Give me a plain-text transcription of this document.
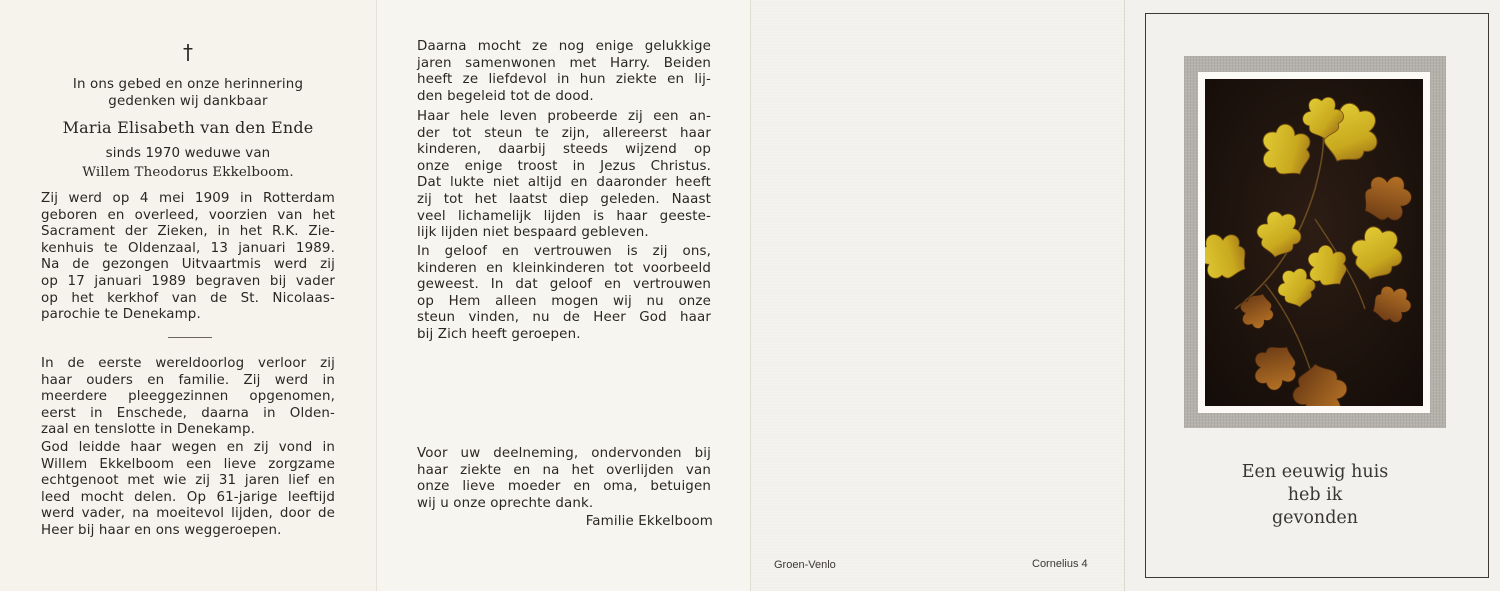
†
In ons gebed en onze herinnering
gedenken wij dankbaar
Maria Elisabeth van den Ende
sinds 1970 weduwe van
Willem Theodorus Ekkelboom.
Zij werd op 4 mei 1909 in Rotterdam
geboren en overleed, voorzien van het
Sacrament der Zieken, in het R.K. Zie-
kenhuis te Oldenzaal, 13 januari 1989.
Na de gezongen Uitvaartmis werd zij
op 17 januari 1989 begraven bij vader
op het kerkhof van de St. Nicolaas-
parochie te Denekamp.
In de eerste wereldoorlog verloor zij
haar ouders en familie. Zij werd in
meerdere pleeggezinnen opgenomen,
eerst in Enschede, daarna in Olden-
zaal en tenslotte in Denekamp.
God leidde haar wegen en zij vond in
Willem Ekkelboom een lieve zorgzame
echtgenoot met wie zij 31 jaren lief en
leed mocht delen. Op 61-jarige leeftijd
werd vader, na moeitevol lijden, door de
Heer bij haar en ons weggeroepen.
Daarna mocht ze nog enige gelukkige
jaren samenwonen met Harry. Beiden
heeft ze liefdevol in hun ziekte en lij-
den begeleid tot de dood.
Haar hele leven probeerde zij een an-
der tot steun te zijn, allereerst haar
kinderen, daarbij steeds wijzend op
onze enige troost in Jezus Christus.
Dat lukte niet altijd en daaronder heeft
zij tot het laatst diep geleden. Naast
veel lichamelijk lijden is haar geeste-
lijk lijden niet bespaard gebleven.
In geloof en vertrouwen is zij ons,
kinderen en kleinkinderen tot voorbeeld
geweest. In dat geloof en vertrouwen
op Hem alleen mogen wij nu onze
steun vinden, nu de Heer God haar
bij Zich heeft geroepen.
Voor uw deelneming, ondervonden bij
haar ziekte en na het overlijden van
onze lieve moeder en oma, betuigen
wij u onze oprechte dank.
Familie Ekkelboom
Groen-Venlo	Cornelius 4
Een eeuwig huis
heb ik
gevonden
